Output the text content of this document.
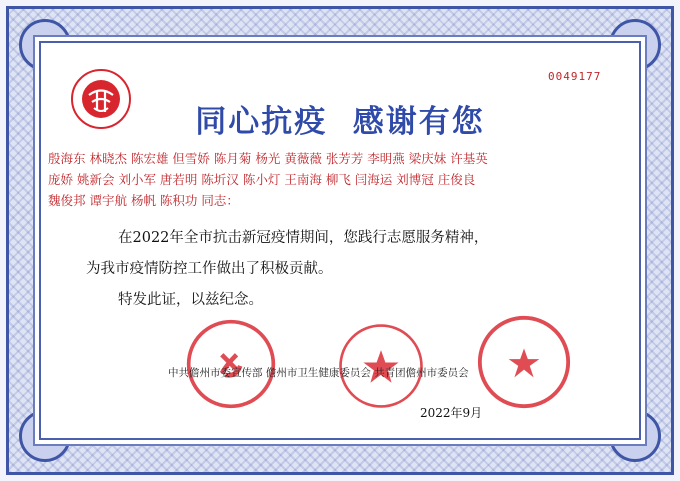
0049177
同心抗疫  感谢有您
殷海东 林晓杰 陈宏雄 但雪娇 陈月菊 杨光 黄薇薇 张芳芳 李明燕 梁庆妹 许基英
庞娇 姚新会 刘小军 唐若明 陈圻汉 陈小灯 王南海 柳飞 闫海运 刘博冠 庄俊良
魏俊邦 谭宇航 杨帆 陈积功 同志：
在2022年全市抗击新冠疫情期间，您践行志愿服务精神，
为我市疫情防控工作做出了积极贡献。
特发此证，以兹纪念。
中共儋州市委宣传部 儋州市卫生健康委员会 共青团儋州市委员会
2022年9月
